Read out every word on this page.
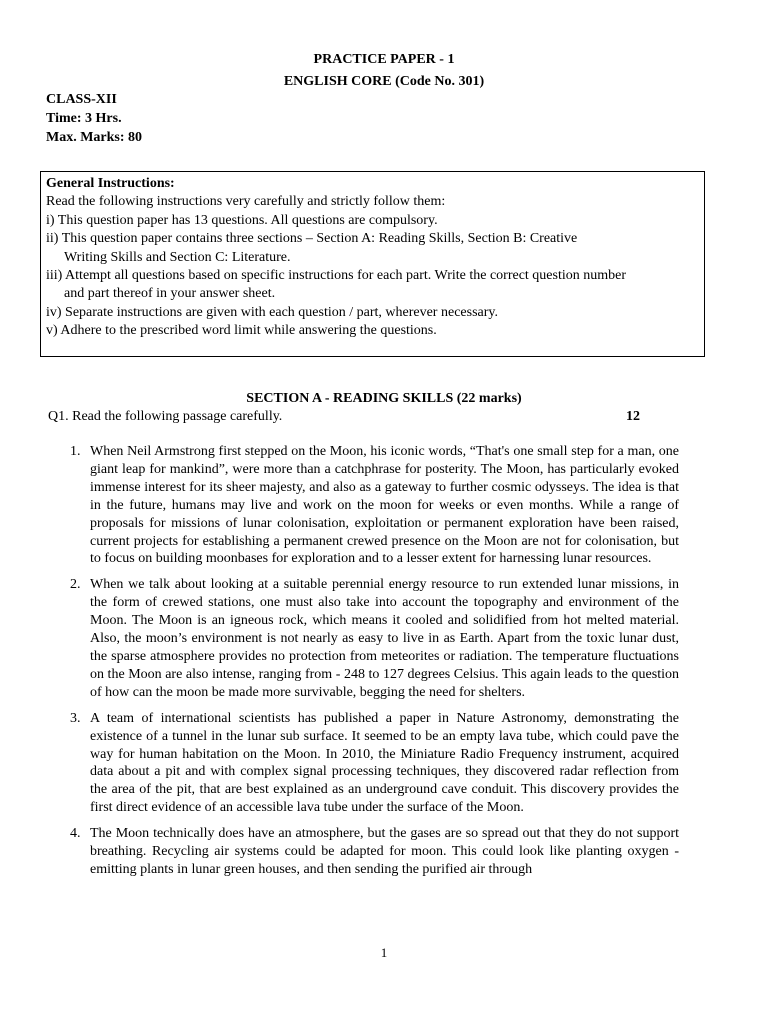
PRACTICE PAPER - 1
ENGLISH CORE (Code No. 301)
CLASS-XII
Time: 3 Hrs.
Max. Marks: 80
General Instructions:
Read the following instructions very carefully and strictly follow them:
i) This question paper has 13 questions. All questions are compulsory.
ii) This question paper contains three sections – Section A: Reading Skills, Section B: Creative
Writing Skills and Section C: Literature.
iii) Attempt all questions based on specific instructions for each part. Write the correct question number
and part thereof in your answer sheet.
iv) Separate instructions are given with each question / part, wherever necessary.
v) Adhere to the prescribed word limit while answering the questions.
SECTION A - READING SKILLS (22 marks)
Q1. Read the following passage carefully.	12
1. When Neil Armstrong first stepped on the Moon, his iconic words, “That's one small step for a man, one giant leap for mankind”, were more than a catchphrase for posterity. The Moon, has particularly evoked immense interest for its sheer majesty, and also as a gateway to further cosmic odysseys. The idea is that in the future, humans may live and work on the moon for weeks or even months. While a range of proposals for missions of lunar colonisation, exploitation or permanent exploration have been raised, current projects for establishing a permanent crewed presence on the Moon are not for colonisation, but to focus on building moonbases for exploration and to a lesser extent for harnessing lunar resources.
2. When we talk about looking at a suitable perennial energy resource to run extended lunar missions, in the form of crewed stations, one must also take into account the topography and environment of the Moon. The Moon is an igneous rock, which means it cooled and solidified from hot melted material. Also, the moon’s environment is not nearly as easy to live in as Earth. Apart from the toxic lunar dust, the sparse atmosphere provides no protection from meteorites or radiation. The temperature fluctuations on the Moon are also intense, ranging from - 248 to 127 degrees Celsius. This again leads to the question of how can the moon be made more survivable, begging the need for shelters.
3. A team of international scientists has published a paper in Nature Astronomy, demonstrating the existence of a tunnel in the lunar sub surface. It seemed to be an empty lava tube, which could pave the way for human habitation on the Moon. In 2010, the Miniature Radio Frequency instrument, acquired data about a pit and with complex signal processing techniques, they discovered radar reflection from the area of the pit, that are best explained as an underground cave conduit. This discovery provides the first direct evidence of an accessible lava tube under the surface of the Moon.
4. The Moon technically does have an atmosphere, but the gases are so spread out that they do not support breathing. Recycling air systems could be adapted for moon. This could look like planting oxygen - emitting plants in lunar green houses, and then sending the purified air through
1
